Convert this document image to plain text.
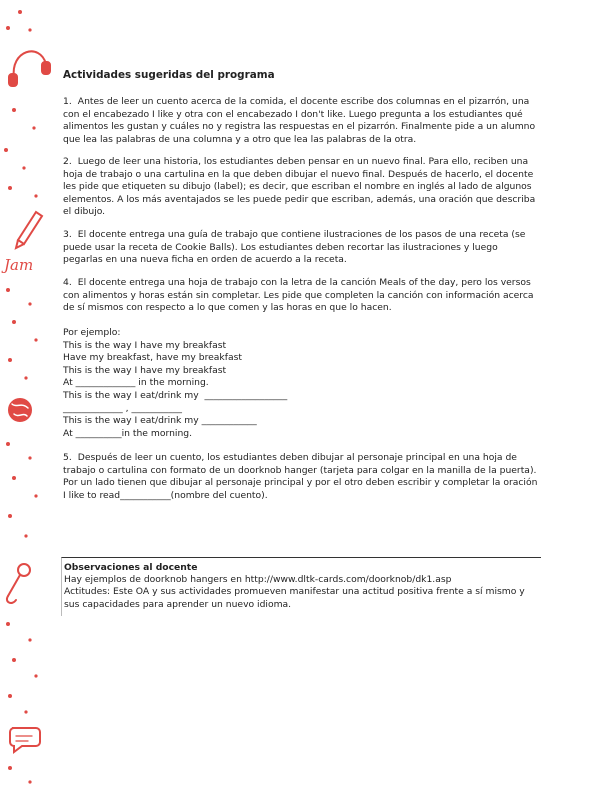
Jam

Actividades sugeridas del programa

1. Antes de leer un cuento acerca de la comida, el docente escribe dos columnas en el pizarrón, una con el encabezado I like y otra con el encabezado I don't like. Luego pregunta a los estudiantes qué alimentos les gustan y cuáles no y registra las respuestas en el pizarrón. Finalmente pide a un alumno que lea las palabras de una columna y a otro que lea las palabras de la otra.

2. Luego de leer una historia, los estudiantes deben pensar en un nuevo final. Para ello, reciben una hoja de trabajo o una cartulina en la que deben dibujar el nuevo final. Después de hacerlo, el docente les pide que etiqueten su dibujo (label); es decir, que escriban el nombre en inglés al lado de algunos elementos. A los más aventajados se les puede pedir que escriban, además, una oración que describa el dibujo.

3. El docente entrega una guía de trabajo que contiene ilustraciones de los pasos de una receta (se puede usar la receta de Cookie Balls). Los estudiantes deben recortar las ilustraciones y luego pegarlas en una nueva ficha en orden de acuerdo a la receta.

4. El docente entrega una hoja de trabajo con la letra de la canción Meals of the day, pero los versos con alimentos y horas están sin completar. Les pide que completen la canción con información acerca de sí mismos con respecto a lo que comen y las horas en que lo hacen.

Por ejemplo:
This is the way I have my breakfast
Have my breakfast, have my breakfast
This is the way I have my breakfast
At _____________ in the morning.
This is the way I eat/drink my  __________________
_____________ , ___________
This is the way I eat/drink my ____________
At __________in the morning.

5. Después de leer un cuento, los estudiantes deben dibujar al personaje principal en una hoja de trabajo o cartulina con formato de un doorknob hanger (tarjeta para colgar en la manilla de la puerta). Por un lado tienen que dibujar al personaje principal y por el otro deben escribir y completar la oración I like to read___________(nombre del cuento).

Observaciones al docente
Hay ejemplos de doorknob hangers en http://www.dltk-cards.com/doorknob/dk1.asp
Actitudes: Este OA y sus actividades promueven manifestar una actitud positiva frente a sí mismo y sus capacidades para aprender un nuevo idioma.
